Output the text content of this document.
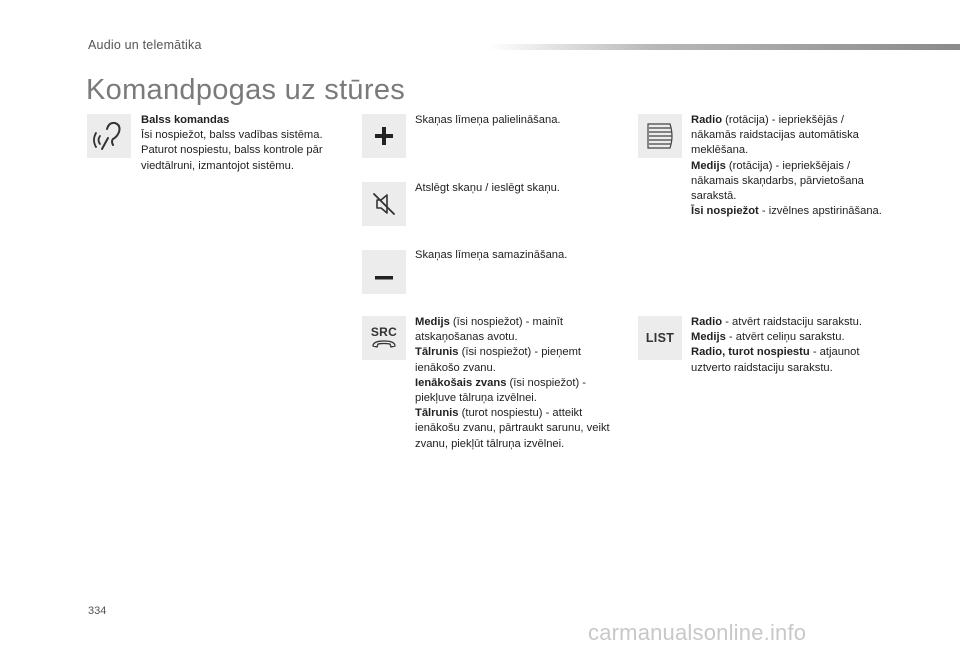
Audio un telemātika
Komandpogas uz stūres

Balss komandas

Īsi nospiežot, balss vadības sistēma. Paturot nospiestu, balss kontrole pār viedtālruni, izmantojot sistēmu.

Skaņas līmeņa palielināšana.
Atslēgt skaņu / ieslēgt skaņu.
Skaņas līmeņa samazināšana.
SRC

Medijs (īsi nospiežot) - mainīt atskaņošanas avotu.

Tālrunis (īsi nospiežot) - pieņemt ienākošo zvanu.

Ienākošais zvans (īsi nospiežot) - piekļuve tālruņa izvēlnei.

Tālrunis (turot nospiestu) - atteikt ienākošu zvanu, pārtraukt sarunu, veikt zvanu, piekļūt tālruņa izvēlnei.

Radio (rotācija) - iepriekšējās / nākamās raidstacijas automātiska meklēšana.

Medijs (rotācija) - iepriekšējais / nākamais skaņdarbs, pārvietošana sarakstā.

Īsi nospiežot - izvēlnes apstirināšana.

LIST

Radio - atvērt raidstaciju sarakstu.

Medijs - atvērt celiņu sarakstu.

Radio, turot nospiestu - atjaunot uztverto raidstaciju sarakstu.

334
carmanualsonline.info
